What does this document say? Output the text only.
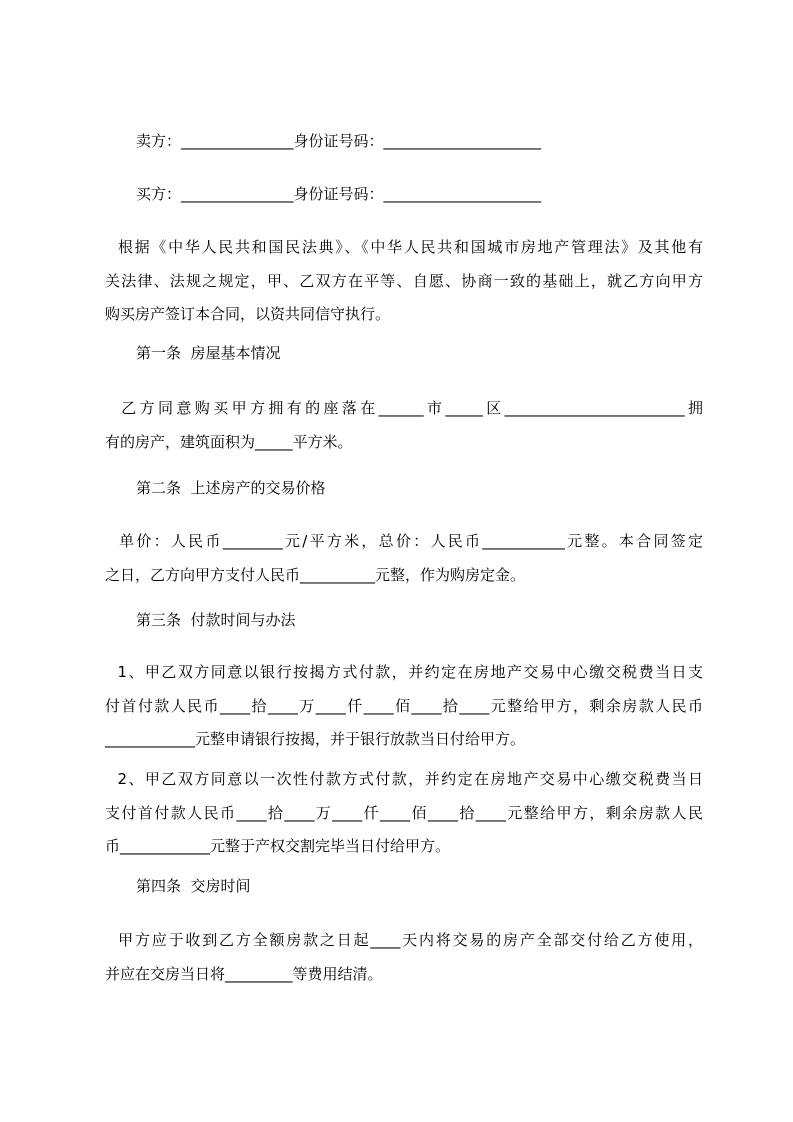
卖方：_______________身份证号码：_____________________
买方：_______________身份证号码：_____________________
根据《中华人民共和国民法典》、《中华人民共和国城市房地产管理法》及其他有
关法律、法规之规定，甲、乙双方在平等、自愿、协商一致的基础上，就乙方向甲方
购买房产签订本合同，以资共同信守执行。
第一条  房屋基本情况
乙方同意购买甲方拥有的座落在______市_____区________________________拥
有的房产，建筑面积为_____平方米。
第二条  上述房产的交易价格
单价：人民币________元/平方米，总价：人民币___________元整。本合同签定
之日，乙方向甲方支付人民币__________元整，作为购房定金。
第三条  付款时间与办法
1、甲乙双方同意以银行按揭方式付款，并约定在房地产交易中心缴交税费当日支
付首付款人民币____拾____万____仟____佰____拾____元整给甲方，剩余房款人民币
____________元整申请银行按揭，并于银行放款当日付给甲方。
2、甲乙双方同意以一次性付款方式付款，并约定在房地产交易中心缴交税费当日
支付首付款人民币____拾____万____仟____佰____拾____元整给甲方，剩余房款人民
币____________元整于产权交割完毕当日付给甲方。
第四条  交房时间
甲方应于收到乙方全额房款之日起____天内将交易的房产全部交付给乙方使用，
并应在交房当日将_________等费用结清。
